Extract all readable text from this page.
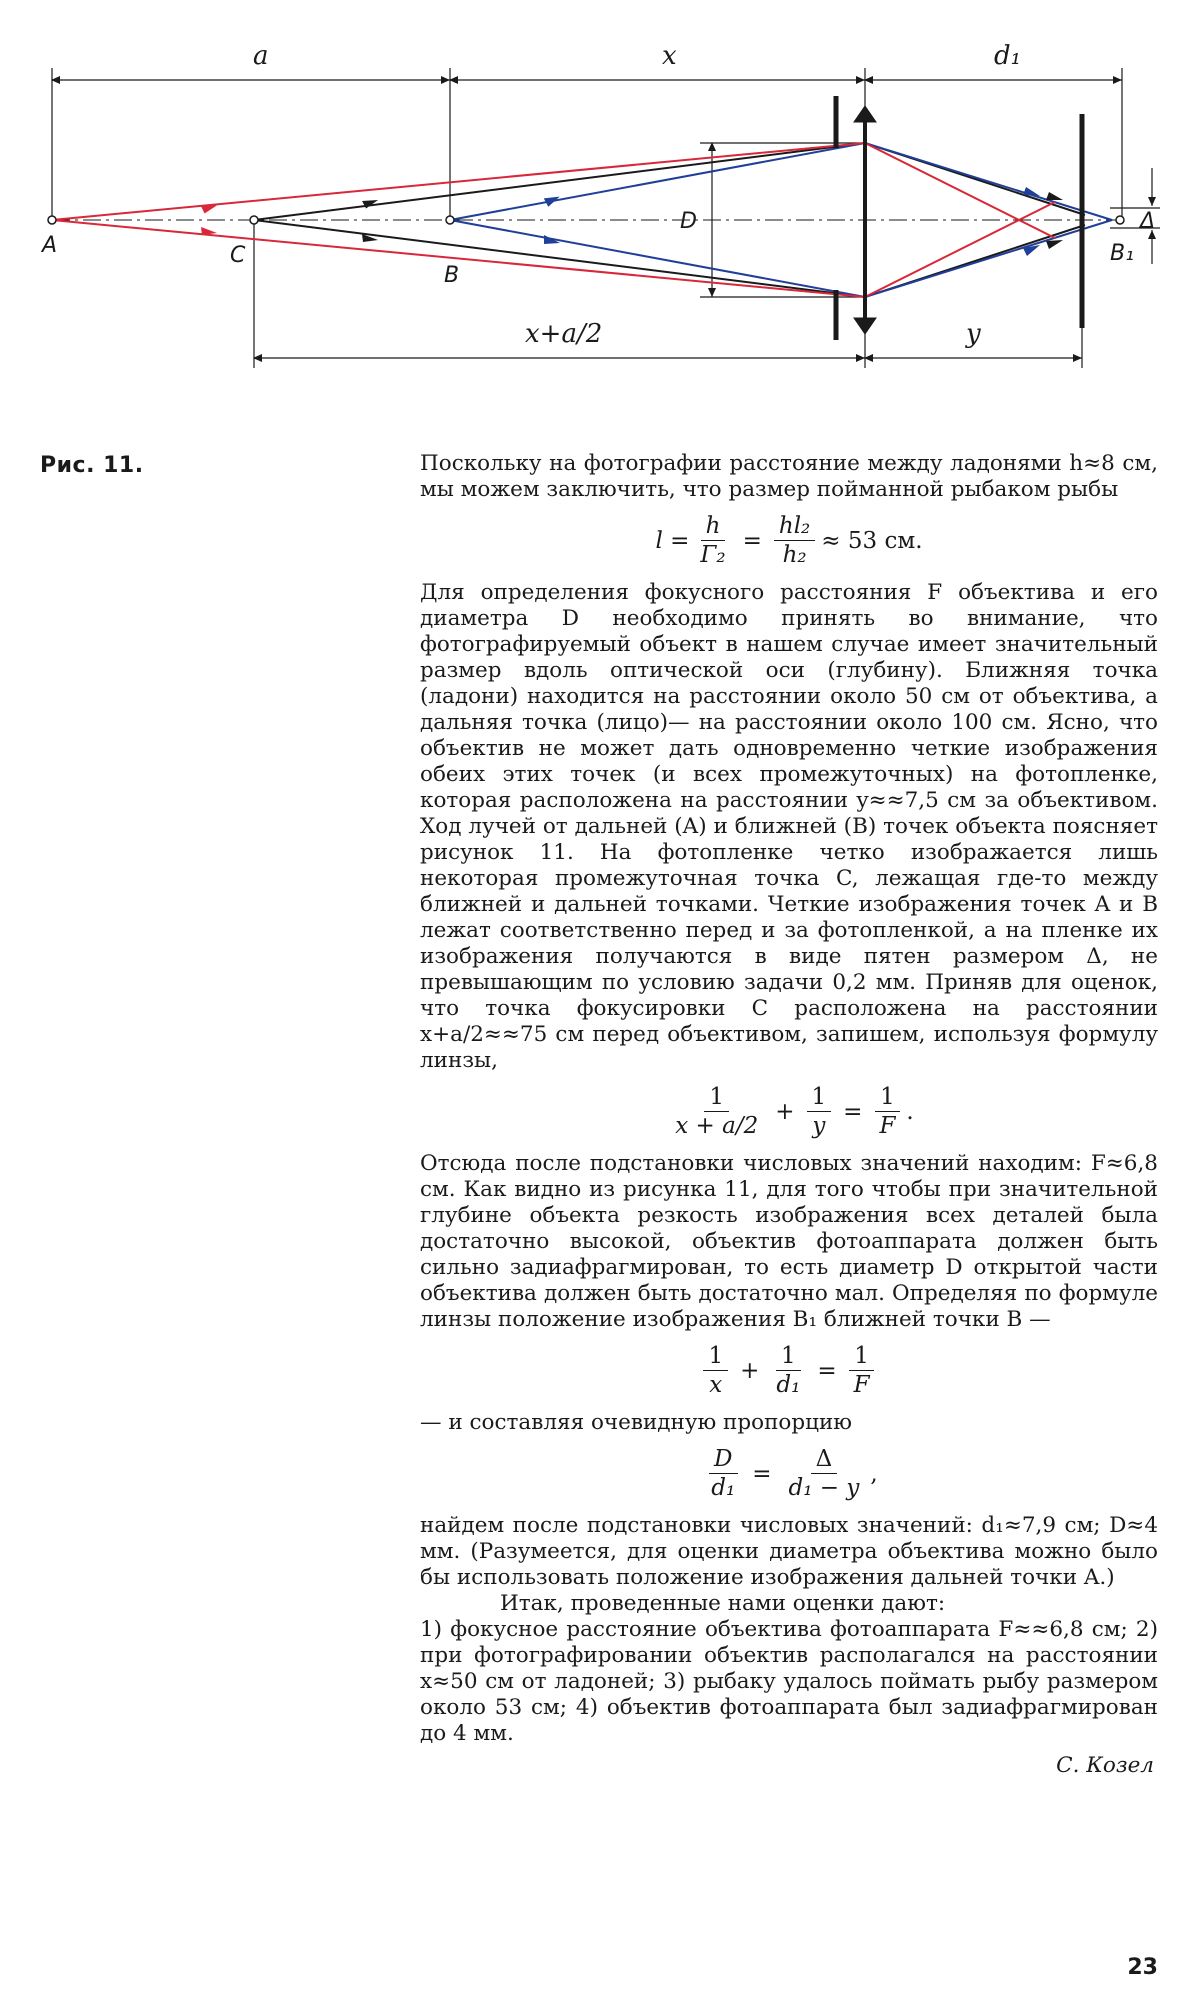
a	x	d₁
x+a/2	y
A	C
B
D
B₁
Δ
Рис. 11.	Поскольку на фотографии расстояние между ладонями h≈8 см, мы можем заключить, что размер пойманной рыбаком рыбы

$l = \frac{h}{\text{Γ₂}} = \frac{\text{hl₂}}{\text{h₂}} \approx 53$ см.

Для определения фокусного расстояния F объектива и его диаметра D необходимо принять во внимание, что фотографируемый объект в нашем случае имеет значительный размер вдоль оптической оси (глубину). Ближняя точка (ладони) находится на расстоянии около 50 см от объектива, а дальняя точка (лицо)— на расстоянии около 100 см. Ясно, что объектив не может дать одновременно четкие изображения обеих этих точек (и всех промежуточных) на фотопленке, которая расположена на расстоянии y≈≈7,5 см за объективом. Ход лучей от дальней (A) и ближней (B) точек объекта поясняет рисунок 11. На фотопленке четко изображается лишь некоторая промежуточная точка C, лежащая где-то между ближней и дальней точками. Четкие изображения точек A и B лежат соответственно перед и за фотопленкой, а на пленке их изображения получаются в виде пятен размером Δ, не превышающим по условию задачи 0,2 мм. Приняв для оценок, что точка фокусировки C расположена на расстоянии x+a/2≈≈75 см перед объективом, запишем, используя формулу линзы,

$\frac{1}{x + a/2} + \frac{1}{y} = \frac{1}{F}$ .

Отсюда после подстановки числовых значений находим: F≈6,8 см. Как видно из рисунка 11, для того чтобы при значительной глубине объекта резкость изображения всех деталей была достаточно высокой, объектив фотоаппарата должен быть сильно задиафрагмирован, то есть диаметр D открытой части объектива должен быть достаточно мал. Определяя по формуле линзы положение изображения B₁ ближней точки B —

$\frac{1}{x} + \frac{1}{\text{d₁}} = \frac{1}{F}$

— и составляя очевидную пропорцию

$\frac{D}{\text{d₁}} = \frac{\Delta}{\text{d₁ − y}}$ ,

найдем после подстановки числовых значений: d₁≈7,9 см; D≈4 мм. (Разумеется, для оценки диаметра объектива можно было бы использовать положение изображения дальней точки A.)

Итак, проведенные нами оценки дают:

1) фокусное расстояние объектива фотоаппарата F≈≈6,8 см; 2) при фотографировании объектив располагался на расстоянии x≈50 см от ладоней; 3) рыбаку удалось поймать рыбу размером около 53 см; 4) объектив фотоаппарата был задиафрагмирован до 4 мм.

С. Козел
23
